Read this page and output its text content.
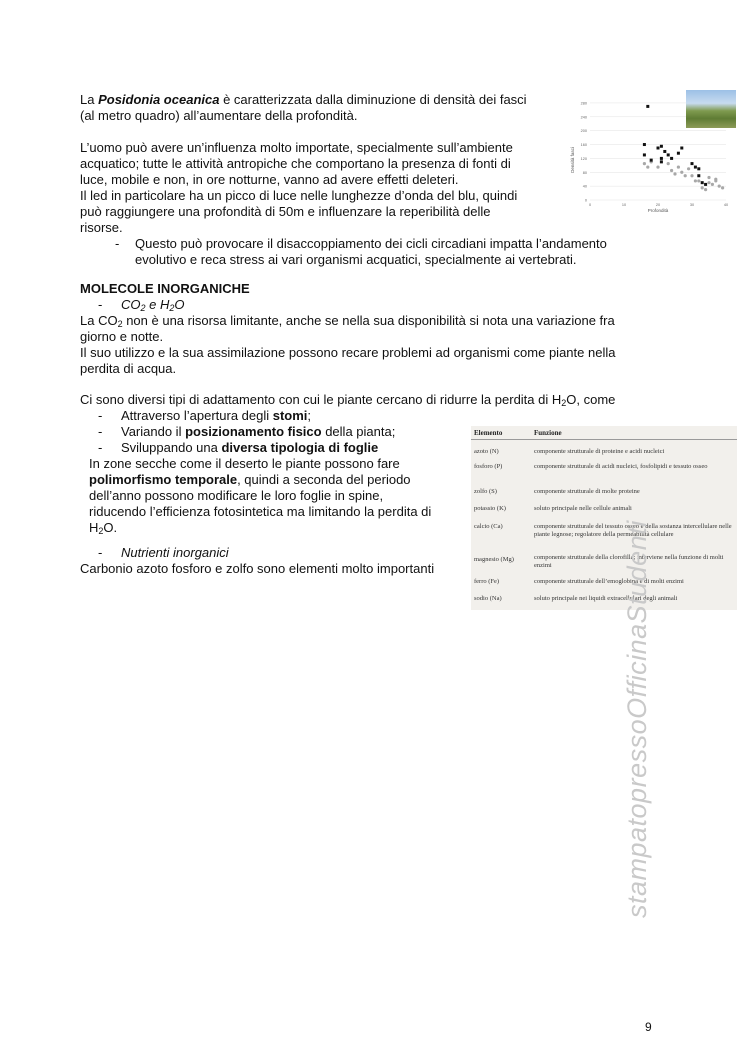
La Posidonia oceanica è caratterizzata dalla diminuzione di densità dei fasci
(al metro quadro) all’aumentare della profondità.
L’uomo può avere un’influenza molto importate, specialmente sull’ambiente
acquatico; tutte le attività antropiche che comportano la presenza di fonti di
luce, mobile e non, in ore notturne, vanno ad avere effetti deleteri.
Il led in particolare ha un picco di luce nelle lunghezze d’onda del blu, quindi
può raggiungere una profondità di 50m e influenzare la reperibilità delle
risorse.
- Questo può provocare il disaccoppiamento dei cicli circadiani impatta l’andamento
evolutivo e reca stress ai vari organismi acquatici, specialmente ai vertebrati.
MOLECOLE INORGANICHE
- $CO_2$ e $H_2O$
La $CO_2$ non è una risorsa limitante, anche se nella sua disponibilità si nota una variazione fra
giorno e notte.
Il suo utilizzo e la sua assimilazione possono recare problemi ad organismi come piante nella
perdita di acqua.
Ci sono diversi tipi di adattamento con cui le piante cercano di ridurre la perdita di $H_2O$, come
- Attraverso l’apertura degli stomi;
- Variando il posizionamento fisico della pianta;
- Sviluppando una diversa tipologia di foglie
In zone secche come il deserto le piante possono fare
polimorfismo temporale, quindi a seconda del periodo
dell’anno possono modificare le loro foglie in spine,
riducendo l’efficienza fotosintetica ma limitando la perdita di
$H_2O$.
- Nutrienti inorganici
Carbonio azoto fosforo e zolfo sono elementi molto importanti
0
40
80
120
160
200
240
280
0	10	20	30	40
Densità fasci
Profondità
Elemento	Funzione
azoto (N)	componente strutturale di proteine e acidi nucleici
fosforo (P)	componente strutturale di acidi nucleici, fosfolipidi e tessuto osseo
zolfo (S)	componente strutturale di molte proteine
potassio (K)	soluto principale nelle cellule animali
calcio (Ca)	componente strutturale del tessuto osseo e della sostanza intercellulare nelle piante legnose; regolatore della permeabilità cellulare
magnesio (Mg)	componente strutturale della clorofilla; interviene nella funzione di molti enzimi
ferro (Fe)	componente strutturale dell’emoglobina e di molti enzimi
sodio (Na)	soluto principale nei liquidi extracellulari degli animali
stampatopressoOfficinaStudenti
9
